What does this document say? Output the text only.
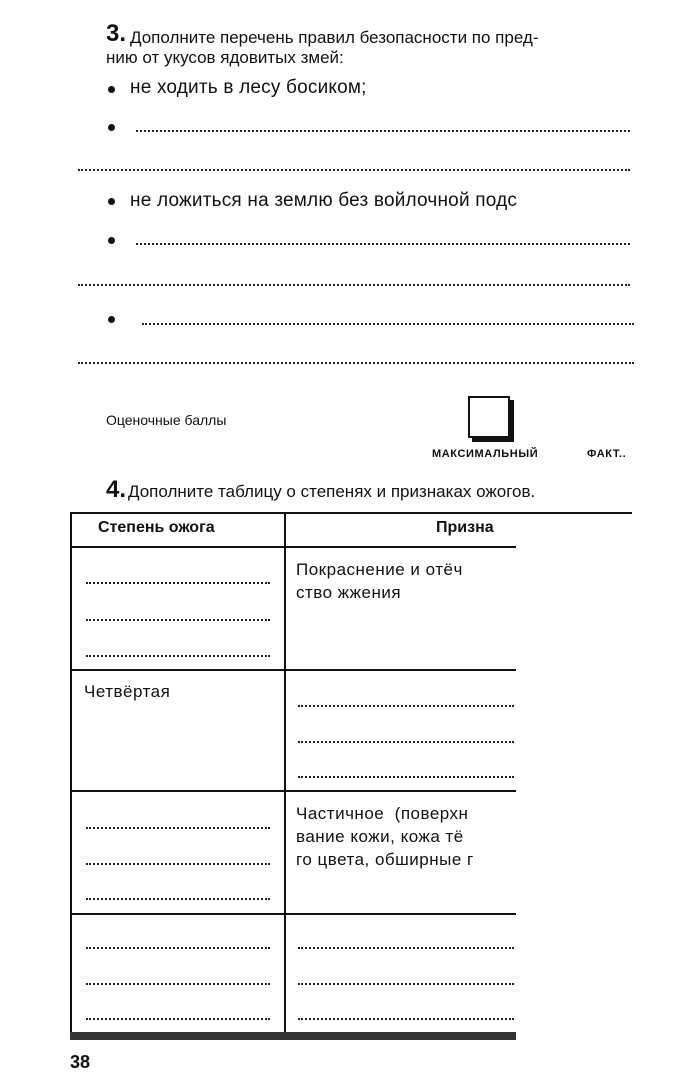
3. Дополните перечень правил безопасности по пред-
нию от укусов ядовитых змей:
не ходить в лесу босиком;
не ложиться на землю без войлочной подс
Оценочные баллы
МАКСИМАЛЬНЫЙ	ФАКТ..
4. Дополните таблицу о степенях и признаках ожогов.
Степень ожога	Призна
Покраснение и отёч
ство жжения
Четвёртая
Частичное  (поверхн
вание кожи, кожа тё
го цвета, обширные г
38
